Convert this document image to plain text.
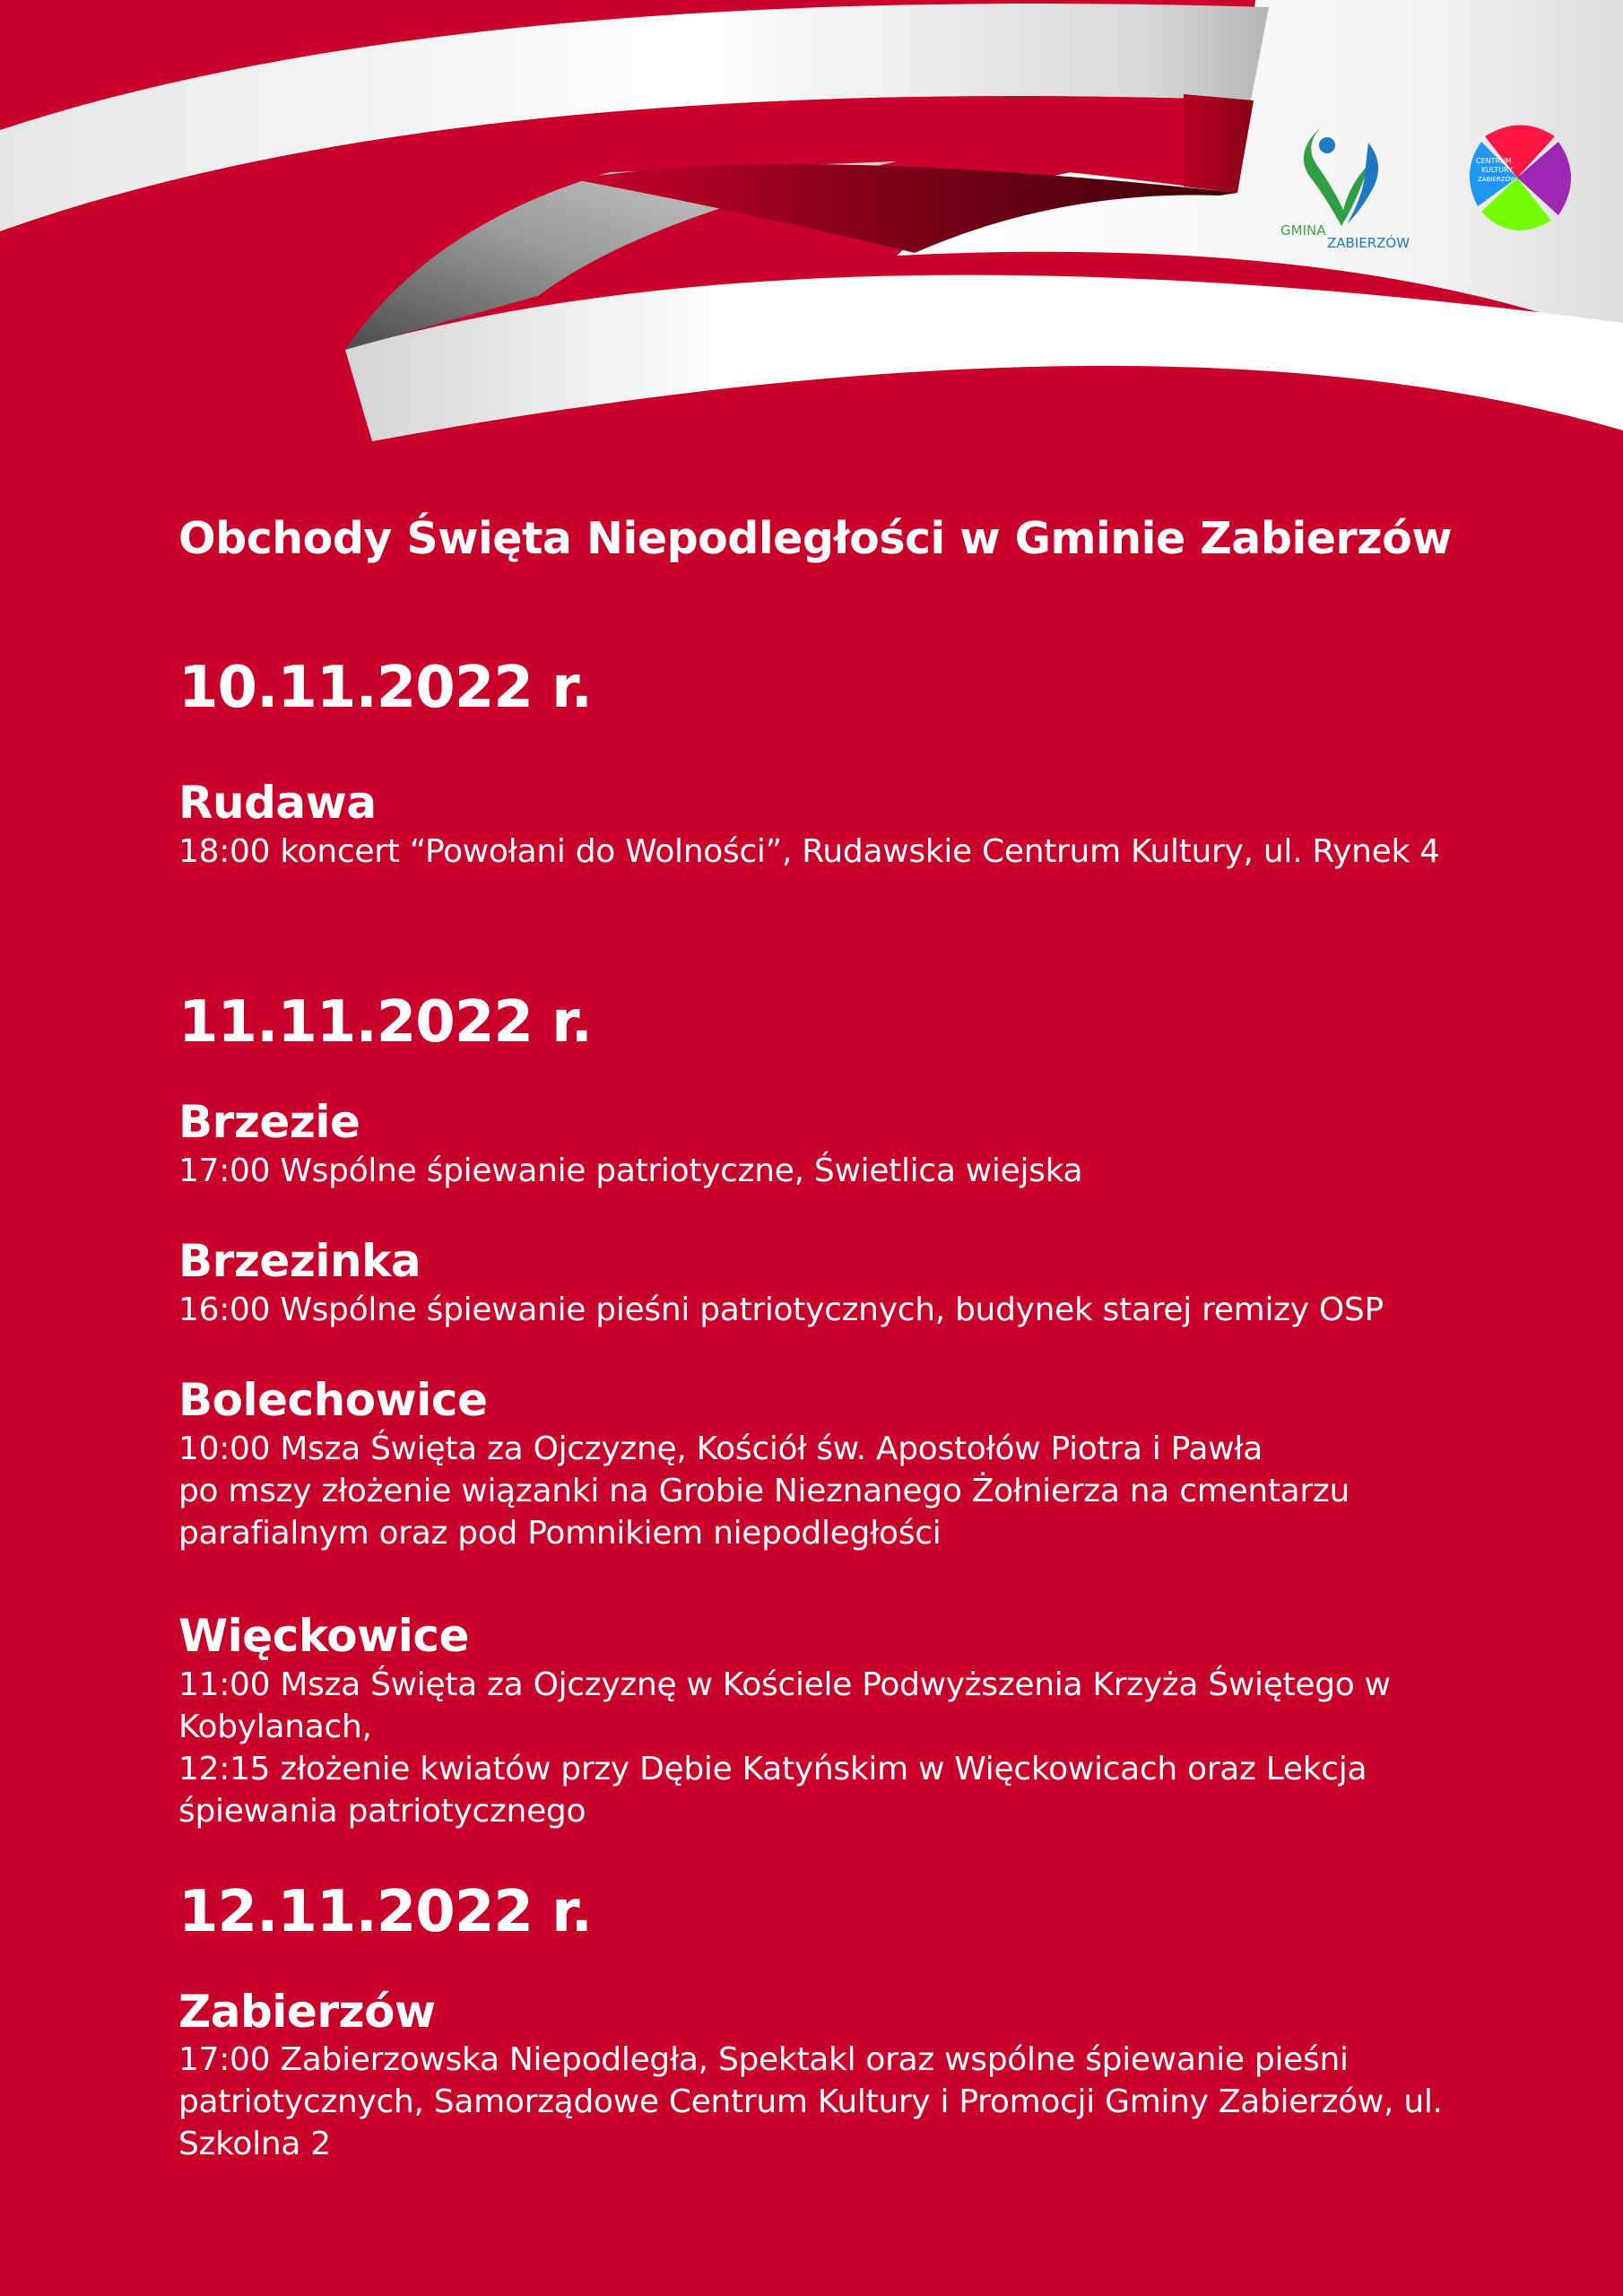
GMINA
ZABIERZÓW
CENTRUM
KULTURY
ZABIERZÓW
Obchody Święta Niepodległości w Gminie Zabierzów
10.11.2022 r.
Rudawa
18:00 koncert “Powołani do Wolności”, Rudawskie Centrum Kultury, ul. Rynek 4
11.11.2022 r.
Brzezie
17:00 Wspólne śpiewanie patriotyczne, Świetlica wiejska
Brzezinka
16:00 Wspólne śpiewanie pieśni patriotycznych, budynek starej remizy OSP
Bolechowice
10:00 Msza Święta za Ojczyznę, Kościół św. Apostołów Piotra i Pawła
po mszy złożenie wiązanki na Grobie Nieznanego Żołnierza na cmentarzu
parafialnym oraz pod Pomnikiem niepodległości
Więckowice
11:00 Msza Święta za Ojczyznę w Kościele Podwyższenia Krzyża Świętego w
Kobylanach,
12:15 złożenie kwiatów przy Dębie Katyńskim w Więckowicach oraz Lekcja
śpiewania patriotycznego
12.11.2022 r.
Zabierzów
17:00 Zabierzowska Niepodległa, Spektakl oraz wspólne śpiewanie pieśni
patriotycznych, Samorządowe Centrum Kultury i Promocji Gminy Zabierzów, ul.
Szkolna 2
